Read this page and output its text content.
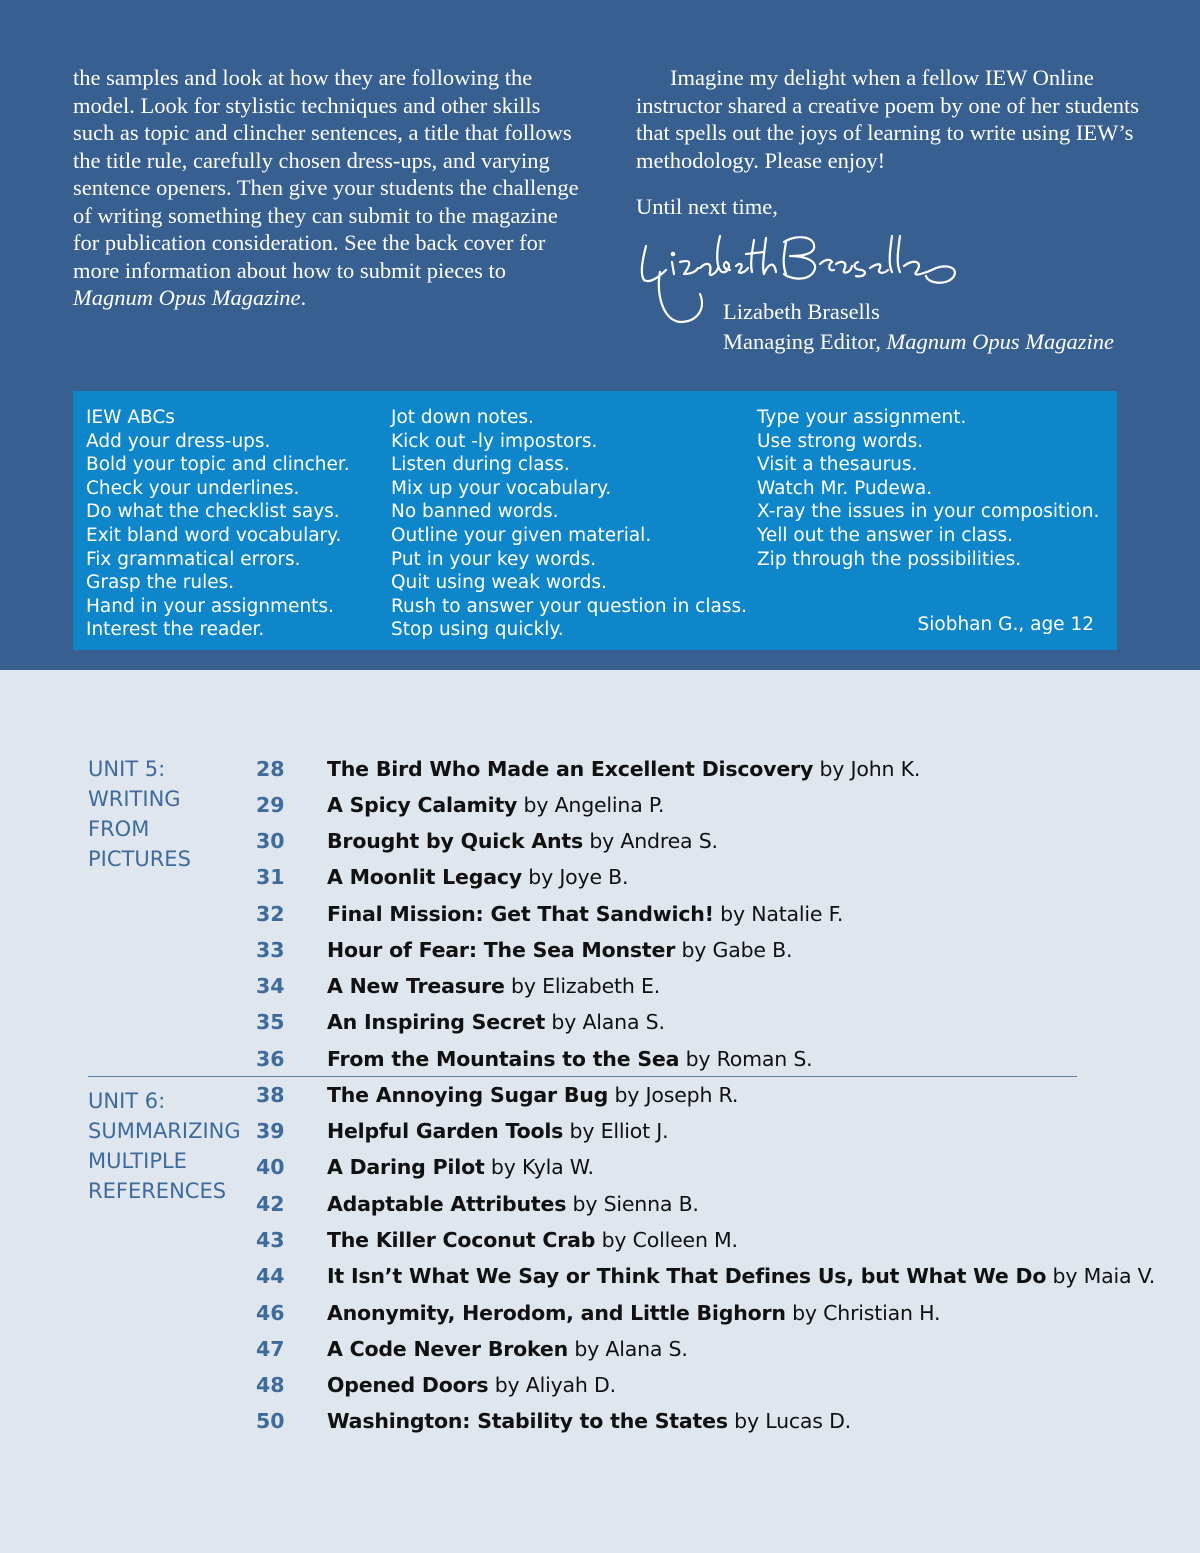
the samples and look at how they are following the model. Look for stylistic techniques and other skills such as topic and clincher sentences, a title that follows the title rule, carefully chosen dress-ups, and varying sentence openers. Then give your students the challenge of writing something they can submit to the magazine for publication consideration. See the back cover for more information about how to submit pieces to Magnum Opus Magazine.

Imagine my delight when a fellow IEW Online instructor shared a creative poem by one of her students that spells out the joys of learning to write using IEW’s methodology. Please enjoy!

Until next time,

Lizabeth Brasells
Managing Editor, Magnum Opus Magazine
IEW ABCs
Add your dress-ups.
Bold your topic and clincher.
Check your underlines.
Do what the checklist says.
Exit bland word vocabulary.
Fix grammatical errors.
Grasp the rules.
Hand in your assignments.
Interest the reader.
Jot down notes.
Kick out -ly impostors.
Listen during class.
Mix up your vocabulary.
No banned words.
Outline your given material.
Put in your key words.
Quit using weak words.
Rush to answer your question in class.
Stop using quickly.
Type your assignment.
Use strong words.
Visit a thesaurus.
Watch Mr. Pudewa.
X-ray the issues in your composition.
Yell out the answer in class.
Zip through the possibilities.
Siobhan G., age 12
UNIT 5:
WRITING
FROM
PICTURES
28 The Bird Who Made an Excellent Discovery by John K.
29 A Spicy Calamity by Angelina P.
30 Brought by Quick Ants by Andrea S.
31 A Moonlit Legacy by Joye B.
32 Final Mission: Get That Sandwich! by Natalie F.
33 Hour of Fear: The Sea Monster by Gabe B.
34 A New Treasure by Elizabeth E.
35 An Inspiring Secret by Alana S.
36 From the Mountains to the Sea by Roman S.
UNIT 6:
SUMMARIZING
MULTIPLE
REFERENCES
38 The Annoying Sugar Bug by Joseph R.
39 Helpful Garden Tools by Elliot J.
40 A Daring Pilot by Kyla W.
42 Adaptable Attributes by Sienna B.
43 The Killer Coconut Crab by Colleen M.
44 It Isn’t What We Say or Think That Defines Us, but What We Do by Maia V.
46 Anonymity, Herodom, and Little Bighorn by Christian H.
47 A Code Never Broken by Alana S.
48 Opened Doors by Aliyah D.
50 Washington: Stability to the States by Lucas D.
